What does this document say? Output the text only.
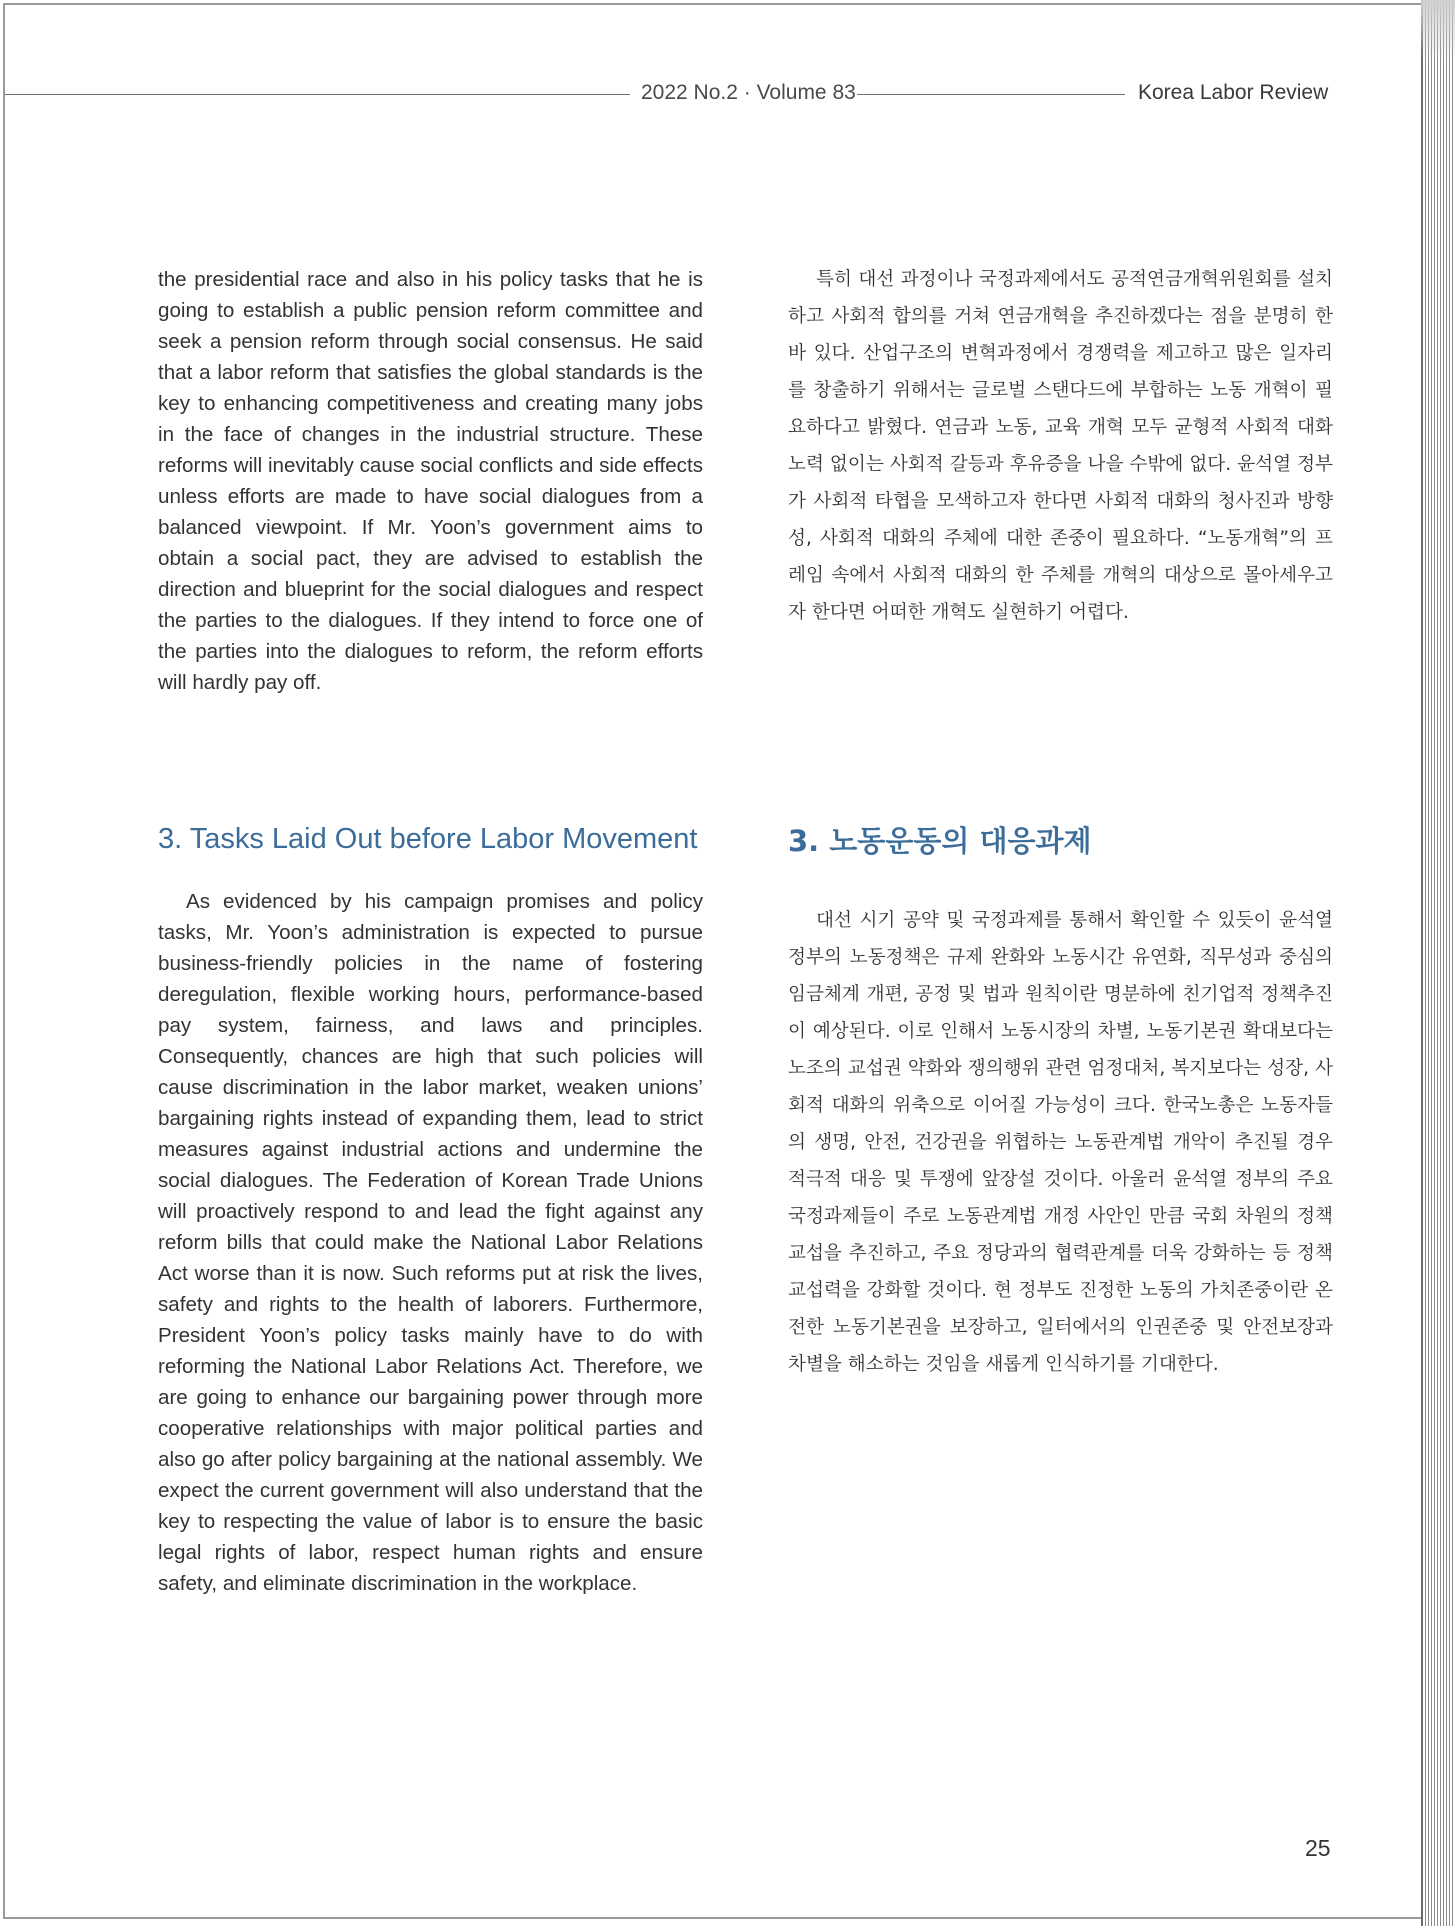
2022 No.2 · Volume 83	Korea Labor Review

the presidential race and also in his policy tasks that he is going to establish a public pension reform committee and seek a pension reform through social consensus. He said that a labor reform that satisfies the global standards is the key to enhancing competitiveness and creating many jobs in the face of changes in the industrial structure. These reforms will inevitably cause social conflicts and side effects unless efforts are made to have social dialogues from a balanced viewpoint. If Mr. Yoon’s government aims to obtain a social pact, they are advised to establish the direction and blueprint for the social dialogues and respect the parties to the dialogues. If they intend to force one of the parties into the dialogues to reform, the reform efforts will hardly pay off.

특히 대선 과정이나 국정과제에서도 공적연금개혁위원회를 설치하고 사회적 합의를 거쳐 연금개혁을 추진하겠다는 점을 분명히 한 바 있다. 산업구조의 변혁과정에서 경쟁력을 제고하고 많은 일자리를 창출하기 위해서는 글로벌 스탠다드에 부합하는 노동 개혁이 필요하다고 밝혔다. 연금과 노동, 교육 개혁 모두 균형적 사회적 대화 노력 없이는 사회적 갈등과 후유증을 나을 수밖에 없다. 윤석열 정부가 사회적 타협을 모색하고자 한다면 사회적 대화의 청사진과 방향성, 사회적 대화의 주체에 대한 존중이 필요하다. “노동개혁”의 프레임 속에서 사회적 대화의 한 주체를 개혁의 대상으로 몰아세우고자 한다면 어떠한 개혁도 실현하기 어렵다.

3. Tasks Laid Out before Labor Movement	3. 노동운동의 대응과제

As evidenced by his campaign promises and policy tasks, Mr. Yoon’s administration is expected to pursue business-friendly policies in the name of fostering deregulation, flexible working hours, performance-based pay system, fairness, and laws and principles. Consequently, chances are high that such policies will cause discrimination in the labor market, weaken unions’ bargaining rights instead of expanding them, lead to strict measures against industrial actions and undermine the social dialogues. The Federation of Korean Trade Unions will proactively respond to and lead the fight against any reform bills that could make the National Labor Relations Act worse than it is now. Such reforms put at risk the lives, safety and rights to the health of laborers. Furthermore, President Yoon’s policy tasks mainly have to do with reforming the National Labor Relations Act. Therefore, we are going to enhance our bargaining power through more cooperative relationships with major political parties and also go after policy bargaining at the national assembly. We expect the current government will also understand that the key to respecting the value of labor is to ensure the basic legal rights of labor, respect human rights and ensure safety, and eliminate discrimination in the workplace.

대선 시기 공약 및 국정과제를 통해서 확인할 수 있듯이 윤석열 정부의 노동정책은 규제 완화와 노동시간 유연화, 직무성과 중심의 임금체계 개편, 공정 및 법과 원칙이란 명분하에 친기업적 정책추진이 예상된다. 이로 인해서 노동시장의 차별, 노동기본권 확대보다는 노조의 교섭권 약화와 쟁의행위 관련 엄정대처, 복지보다는 성장, 사회적 대화의 위축으로 이어질 가능성이 크다. 한국노총은 노동자들의 생명, 안전, 건강권을 위협하는 노동관계법 개악이 추진될 경우 적극적 대응 및 투쟁에 앞장설 것이다. 아울러 윤석열 정부의 주요 국정과제들이 주로 노동관계법 개정 사안인 만큼 국회 차원의 정책교섭을 추진하고, 주요 정당과의 협력관계를 더욱 강화하는 등 정책 교섭력을 강화할 것이다. 현 정부도 진정한 노동의 가치존중이란 온전한 노동기본권을 보장하고, 일터에서의 인권존중 및 안전보장과 차별을 해소하는 것임을 새롭게 인식하기를 기대한다.

25
